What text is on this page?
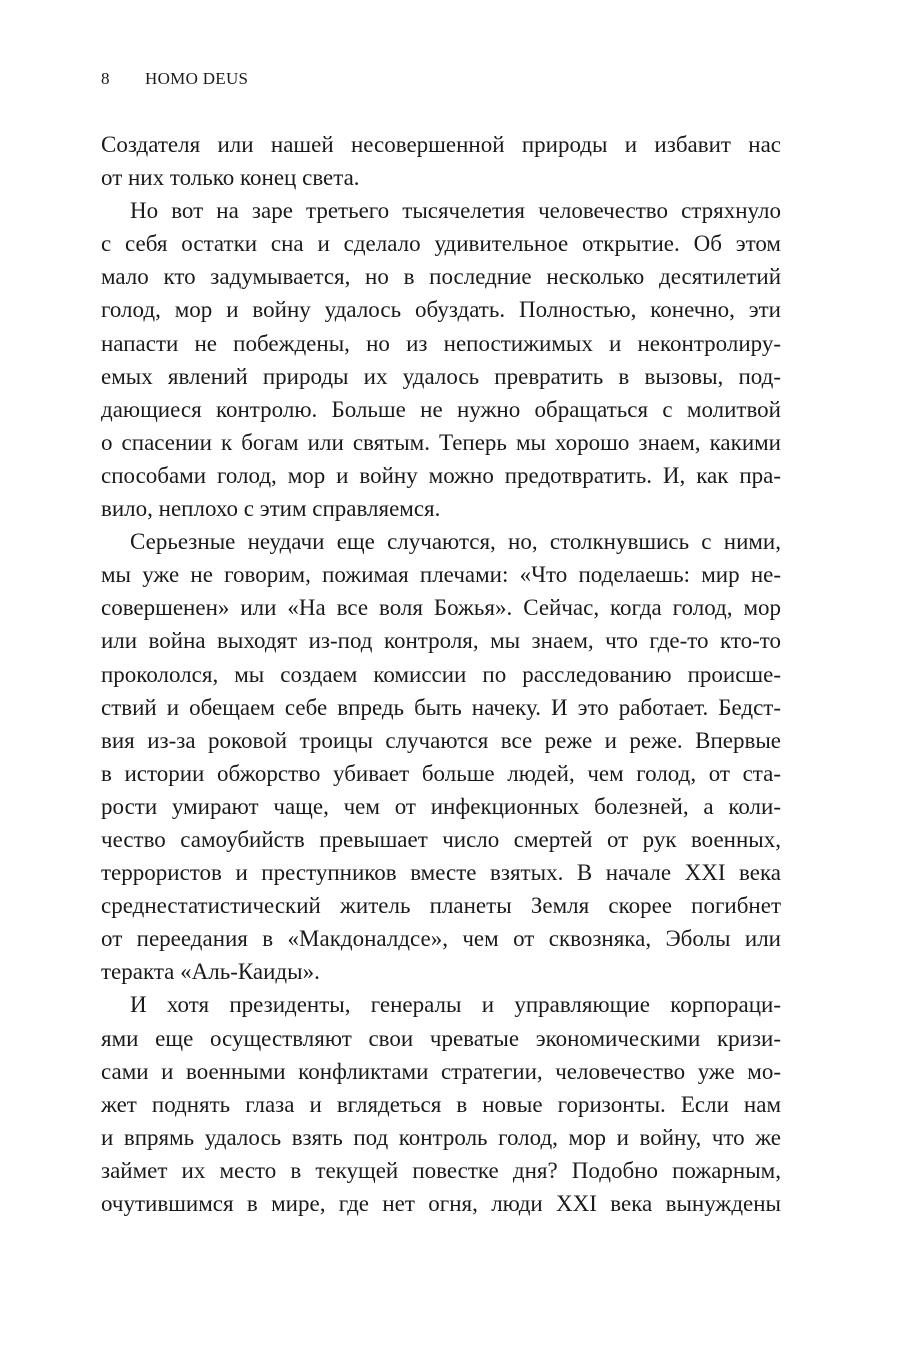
8 HOMO DEUS
Создателя или нашей несовершенной природы и избавит нас
от них только конец света.
Но вот на заре третьего тысячелетия человечество стряхнуло
с себя остатки сна и сделало удивительное открытие. Об этом
мало кто задумывается, но в последние несколько десятилетий
голод, мор и войну удалось обуздать. Полностью, конечно, эти
напасти не побеждены, но из непостижимых и неконтролиру-
емых явлений природы их удалось превратить в вызовы, под-
дающиеся контролю. Больше не нужно обращаться с молитвой
о спасении к богам или святым. Теперь мы хорошо знаем, какими
способами голод, мор и войну можно предотвратить. И, как пра-
вило, неплохо с этим справляемся.
Серьезные неудачи еще случаются, но, столкнувшись с ними,
мы уже не говорим, пожимая плечами: «Что поделаешь: мир не-
совершенен» или «На все воля Божья». Сейчас, когда голод, мор
или война выходят из-под контроля, мы знаем, что где-то кто-то
прокололся, мы создаем комиссии по расследованию происше-
ствий и обещаем себе впредь быть начеку. И это работает. Бедст-
вия из-за роковой троицы случаются все реже и реже. Впервые
в истории обжорство убивает больше людей, чем голод, от ста-
рости умирают чаще, чем от инфекционных болезней, а коли-
чество самоубийств превышает число смертей от рук военных,
террористов и преступников вместе взятых. В начале XXI века
среднестатистический житель планеты Земля скорее погибнет
от переедания в «Макдоналдсе», чем от сквозняка, Эболы или
теракта «Аль-Каиды».
И хотя президенты, генералы и управляющие корпораци-
ями еще осуществляют свои чреватые экономическими кризи-
сами и военными конфликтами стратегии, человечество уже мо-
жет поднять глаза и вглядеться в новые горизонты. Если нам
и впрямь удалось взять под контроль голод, мор и войну, что же
займет их место в текущей повестке дня? Подобно пожарным,
очутившимся в мире, где нет огня, люди XXI века вынуждены
